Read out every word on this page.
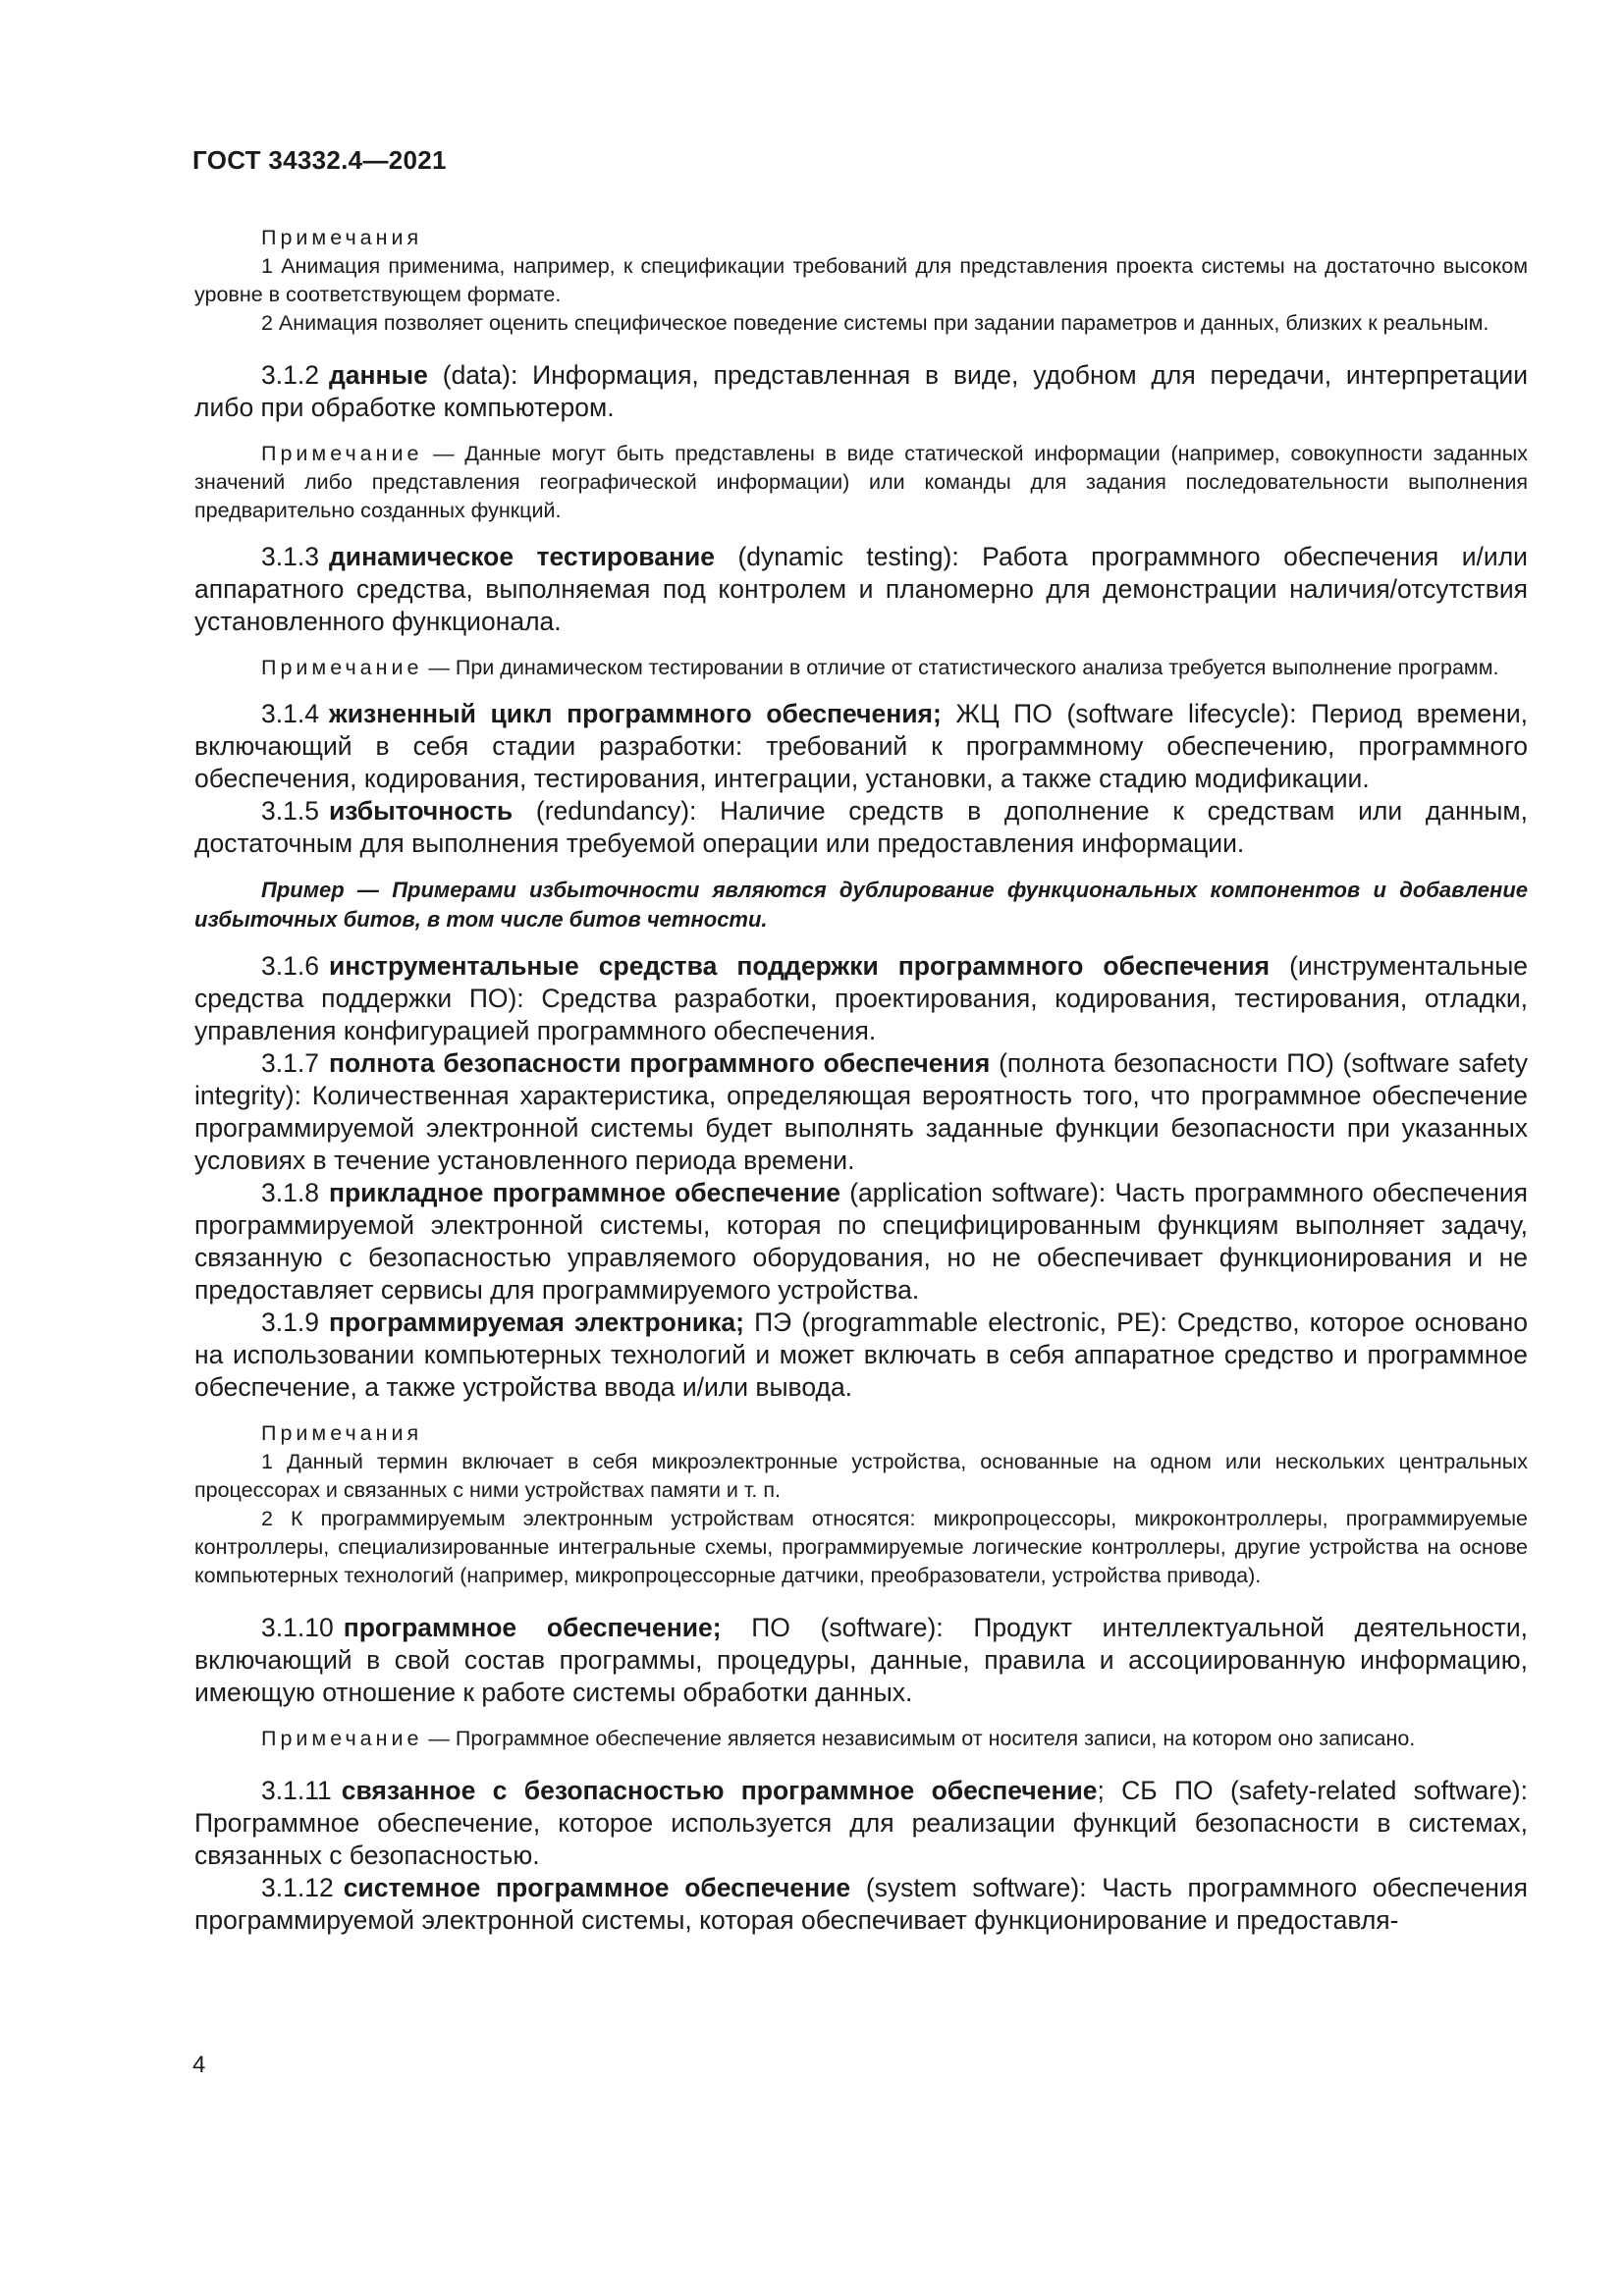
ГОСТ 34332.4—2021

Примечания

1 Анимация применима, например, к спецификации требований для представления проекта системы на достаточно высоком уровне в соответствующем формате.

2 Анимация позволяет оценить специфическое поведение системы при задании параметров и данных, близких к реальным.

3.1.2 данные (data): Информация, представленная в виде, удобном для передачи, интерпретации либо при обработке компьютером.

Примечание — Данные могут быть представлены в виде статической информации (например, совокупности заданных значений либо представления географической информации) или команды для задания последовательности выполнения предварительно созданных функций.

3.1.3 динамическое тестирование (dynamic testing): Работа программного обеспечения и/или аппаратного средства, выполняемая под контролем и планомерно для демонстрации наличия/отсутствия установленного функционала.

Примечание — При динамическом тестировании в отличие от статистического анализа требуется выполнение программ.

3.1.4 жизненный цикл программного обеспечения; ЖЦ ПО (software lifecycle): Период времени, включающий в себя стадии разработки: требований к программному обеспечению, программного обеспечения, кодирования, тестирования, интеграции, установки, а также стадию модификации.

3.1.5 избыточность (redundancy): Наличие средств в дополнение к средствам или данным, достаточным для выполнения требуемой операции или предоставления информации.

Пример — Примерами избыточности являются дублирование функциональных компонентов и добавление избыточных битов, в том числе битов четности.

3.1.6 инструментальные средства поддержки программного обеспечения (инструментальные средства поддержки ПО): Средства разработки, проектирования, кодирования, тестирования, отладки, управления конфигурацией программного обеспечения.

3.1.7 полнота безопасности программного обеспечения (полнота безопасности ПО) (software safety integrity): Количественная характеристика, определяющая вероятность того, что программное обеспечение программируемой электронной системы будет выполнять заданные функции безопасности при указанных условиях в течение установленного периода времени.

3.1.8 прикладное программное обеспечение (application software): Часть программного обеспечения программируемой электронной системы, которая по специфицированным функциям выполняет задачу, связанную с безопасностью управляемого оборудования, но не обеспечивает функционирования и не предоставляет сервисы для программируемого устройства.

3.1.9 программируемая электроника; ПЭ (programmable electronic, PE): Средство, которое основано на использовании компьютерных технологий и может включать в себя аппаратное средство и программное обеспечение, а также устройства ввода и/или вывода.

Примечания

1 Данный термин включает в себя микроэлектронные устройства, основанные на одном или нескольких центральных процессорах и связанных с ними устройствах памяти и т. п.

2 К программируемым электронным устройствам относятся: микропроцессоры, микроконтроллеры, программируемые контроллеры, специализированные интегральные схемы, программируемые логические контроллеры, другие устройства на основе компьютерных технологий (например, микропроцессорные датчики, преобразователи, устройства привода).

3.1.10 программное обеспечение; ПО (software): Продукт интеллектуальной деятельности, включающий в свой состав программы, процедуры, данные, правила и ассоциированную информацию, имеющую отношение к работе системы обработки данных.

Примечание — Программное обеспечение является независимым от носителя записи, на котором оно записано.

3.1.11 связанное с безопасностью программное обеспечение; СБ ПО (safety-related software): Программное обеспечение, которое используется для реализации функций безопасности в системах, связанных с безопасностью.

3.1.12 системное программное обеспечение (system software): Часть программного обеспечения программируемой электронной системы, которая обеспечивает функционирование и предоставля-

4
